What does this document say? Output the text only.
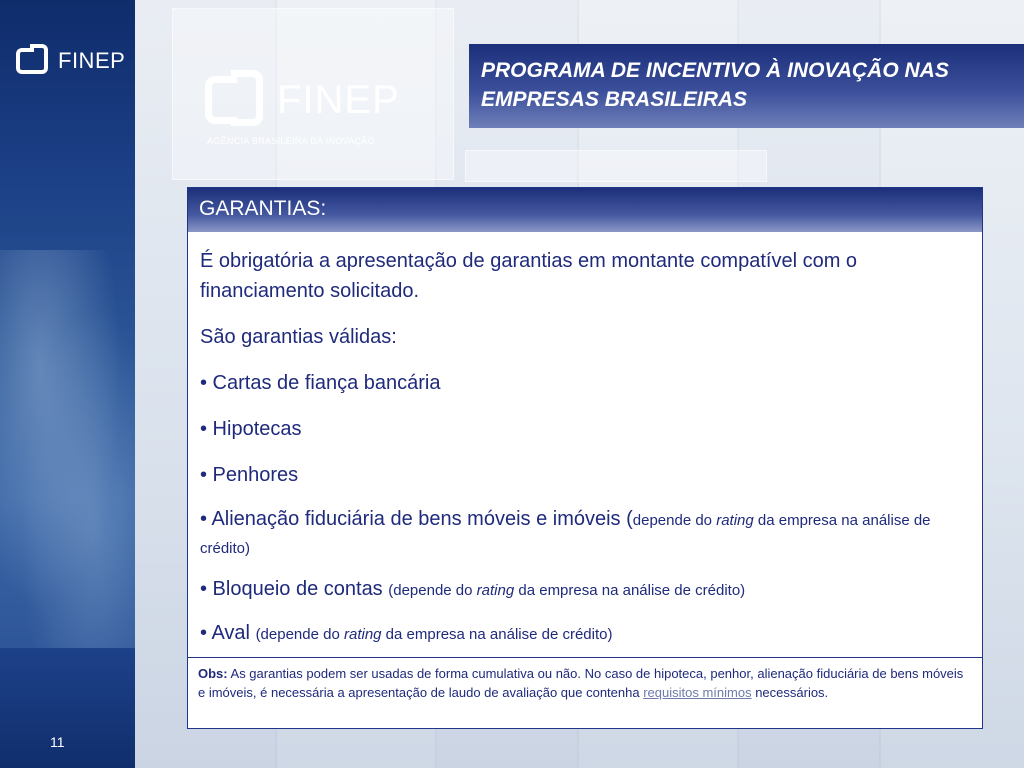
FINEP
11
FINEP
AGÊNCIA BRASILEIRA DA INOVAÇÃO
PROGRAMA DE INCENTIVO À INOVAÇÃO NAS
EMPRESAS BRASILEIRAS
GARANTIAS:

É obrigatória a apresentação de garantias em montante compatível com o financiamento solicitado.

São garantias válidas:

• Cartas de fiança bancária

• Hipotecas

• Penhores

• Alienação fiduciária de bens móveis e imóveis (depende do rating da empresa na análise de crédito)

• Bloqueio de contas (depende do rating da empresa na análise de crédito)

• Aval (depende do rating da empresa na análise de crédito)

Obs: As garantias podem ser usadas de forma cumulativa ou não. No caso de hipoteca, penhor, alienação fiduciária de bens móveis e imóveis, é necessária a apresentação de laudo de avaliação que contenha requisitos mínimos necessários.
